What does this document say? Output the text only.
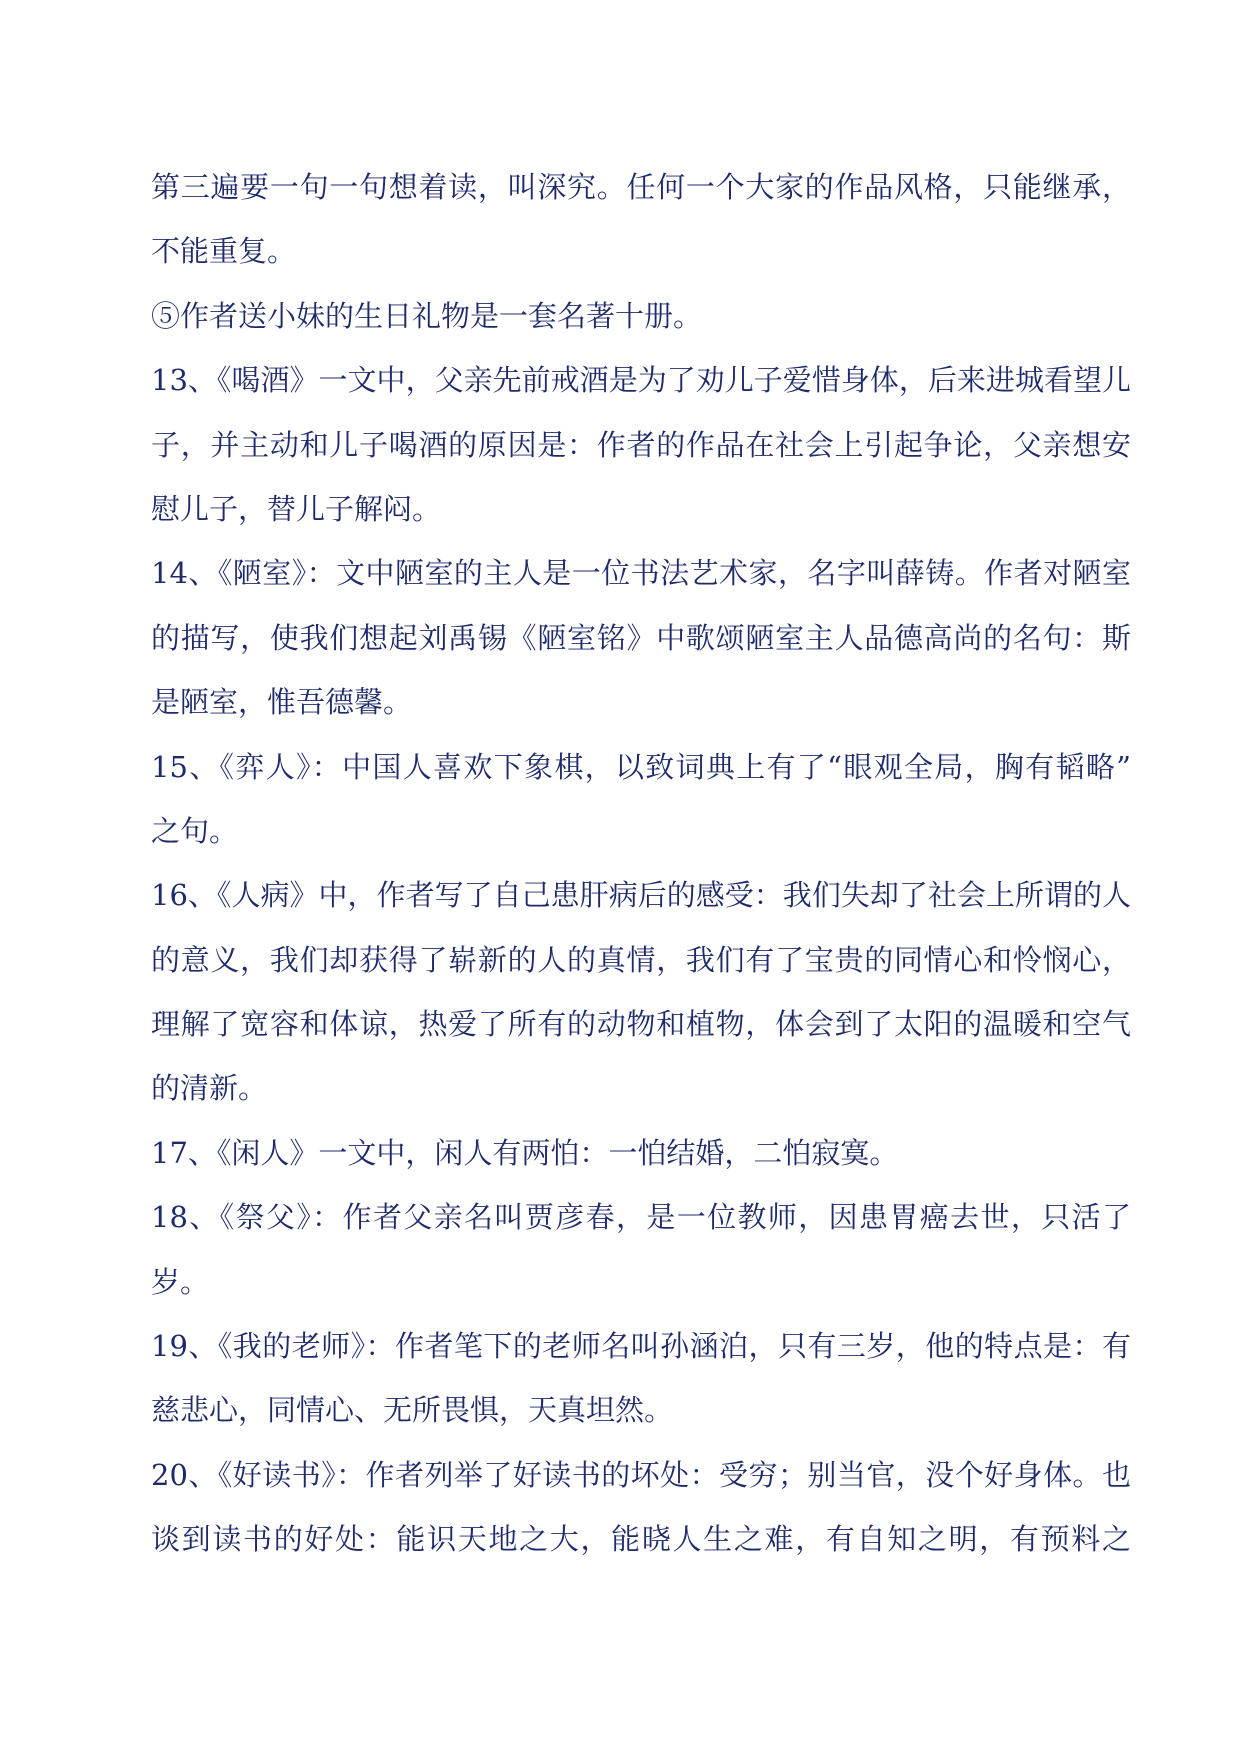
第三遍要一句一句想着读，叫深究。任何一个大家的作品风格，只能继承，
不能重复。
⑤作者送小妹的生日礼物是一套名著十册。
13、《喝酒》一文中，父亲先前戒酒是为了劝儿子爱惜身体，后来进城看望儿
子，并主动和儿子喝酒的原因是：作者的作品在社会上引起争论，父亲想安
慰儿子，替儿子解闷。
14、《陋室》：文中陋室的主人是一位书法艺术家，名字叫薛铸。作者对陋室
的描写，使我们想起刘禹锡《陋室铭》中歌颂陋室主人品德高尚的名句：斯
是陋室，惟吾德馨。
15、《弈人》：中国人喜欢下象棋，以致词典上有了“眼观全局，胸有韬略”
之句。
16、《人病》中，作者写了自己患肝病后的感受：我们失却了社会上所谓的人
的意义，我们却获得了崭新的人的真情，我们有了宝贵的同情心和怜悯心，
理解了宽容和体谅，热爱了所有的动物和植物，体会到了太阳的温暖和空气
的清新。
17、《闲人》一文中，闲人有两怕：一怕结婚，二怕寂寞。
18、《祭父》：作者父亲名叫贾彦春，是一位教师，因患胃癌去世，只活了
岁。
19、《我的老师》：作者笔下的老师名叫孙涵泊，只有三岁，他的特点是：有
慈悲心，同情心、无所畏惧，天真坦然。
20、《好读书》：作者列举了好读书的坏处：受穷；别当官，没个好身体。也
谈到读书的好处：能识天地之大，能晓人生之难，有自知之明，有预料之
